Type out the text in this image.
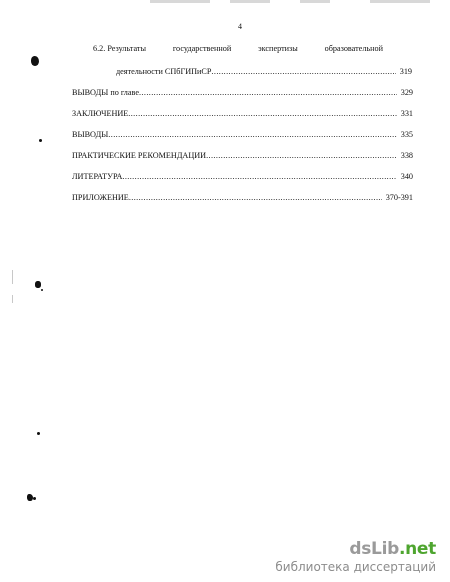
4
6.2. Результаты	государственной	экспертизы	образовательной
деятельности СПбГИПиСР .....	319
ВЫВОДЫ по главе .....	329
ЗАКЛЮЧЕНИЕ .....	331
ВЫВОДЫ .....	335
ПРАКТИЧЕСКИЕ РЕКОМЕНДАЦИИ .....	338
ЛИТЕРАТУРА .....	340
ПРИЛОЖЕНИЕ .....	370-391
dsLib.net
библиотека диссертаций
